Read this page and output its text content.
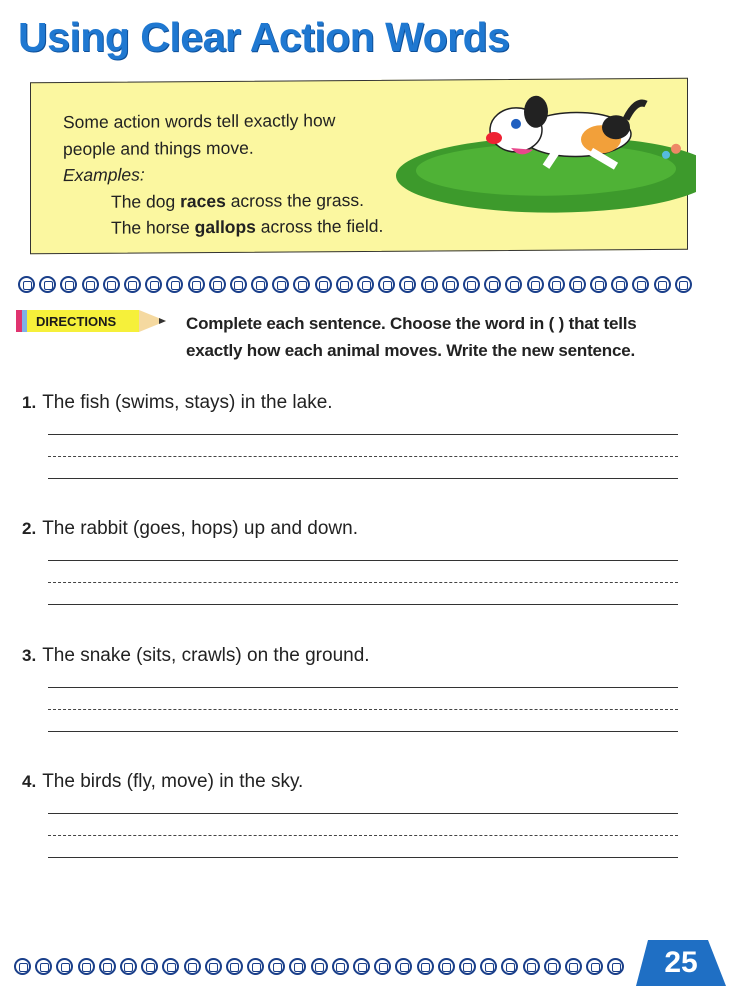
Using Clear Action Words
Some action words tell exactly how
people and things move.
Examples:
The dog races across the grass.
The horse gallops across the field.
DIRECTIONS	Complete each sentence. Choose the word in ( ) that tells
exactly how each animal moves. Write the new sentence.
1. The fish (swims, stays) in the lake.
2. The rabbit (goes, hops) up and down.
3. The snake (sits, crawls) on the ground.
4. The birds (fly, move) in the sky.
25
